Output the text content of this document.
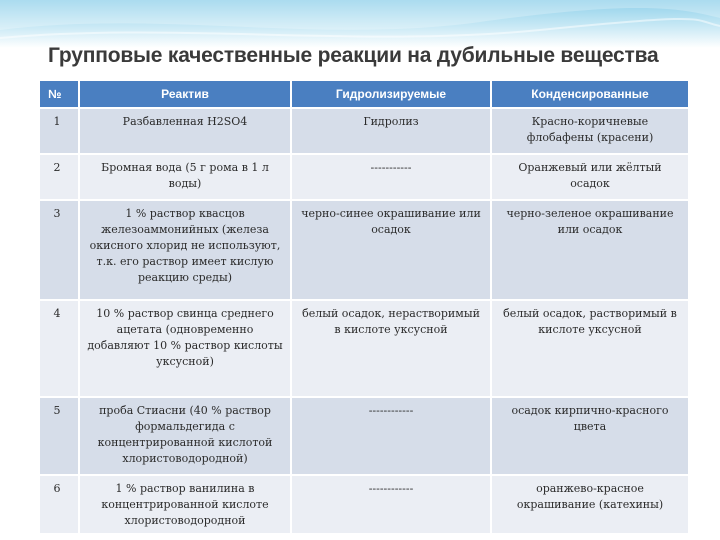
Групповые качественные реакции на дубильные вещества
№	Реактив	Гидролизируемые	Конденсированные
1	Разбавленная H2SO4	Гидролиз	Красно-коричневые флобафены (красени)
2	Бромная вода (5 г рома в 1 л воды)	-----------	Оранжевый или жёлтый осадок
3	1 % раствор квасцов железоаммонийных (железа окисного хлорид не используют, т.к. его раствор имеет кислую реакцию среды)	черно-синее окрашивание или осадок	черно-зеленое окрашивание или осадок
4	10 % раствор свинца среднего ацетата (одновременно добавляют 10 % раствор кислоты уксусной)	белый осадок, нерастворимый в кислоте уксусной	белый осадок, растворимый в кислоте уксусной
5	проба Стиасни (40 % раствор формальдегида с концентрированной кислотой хлористоводородной)	------------	осадок кирпично-красного цвета
6	1 % раствор ванилина в концентрированной кислоте хлористоводородной	------------	оранжево-красное окрашивание (катехины)
